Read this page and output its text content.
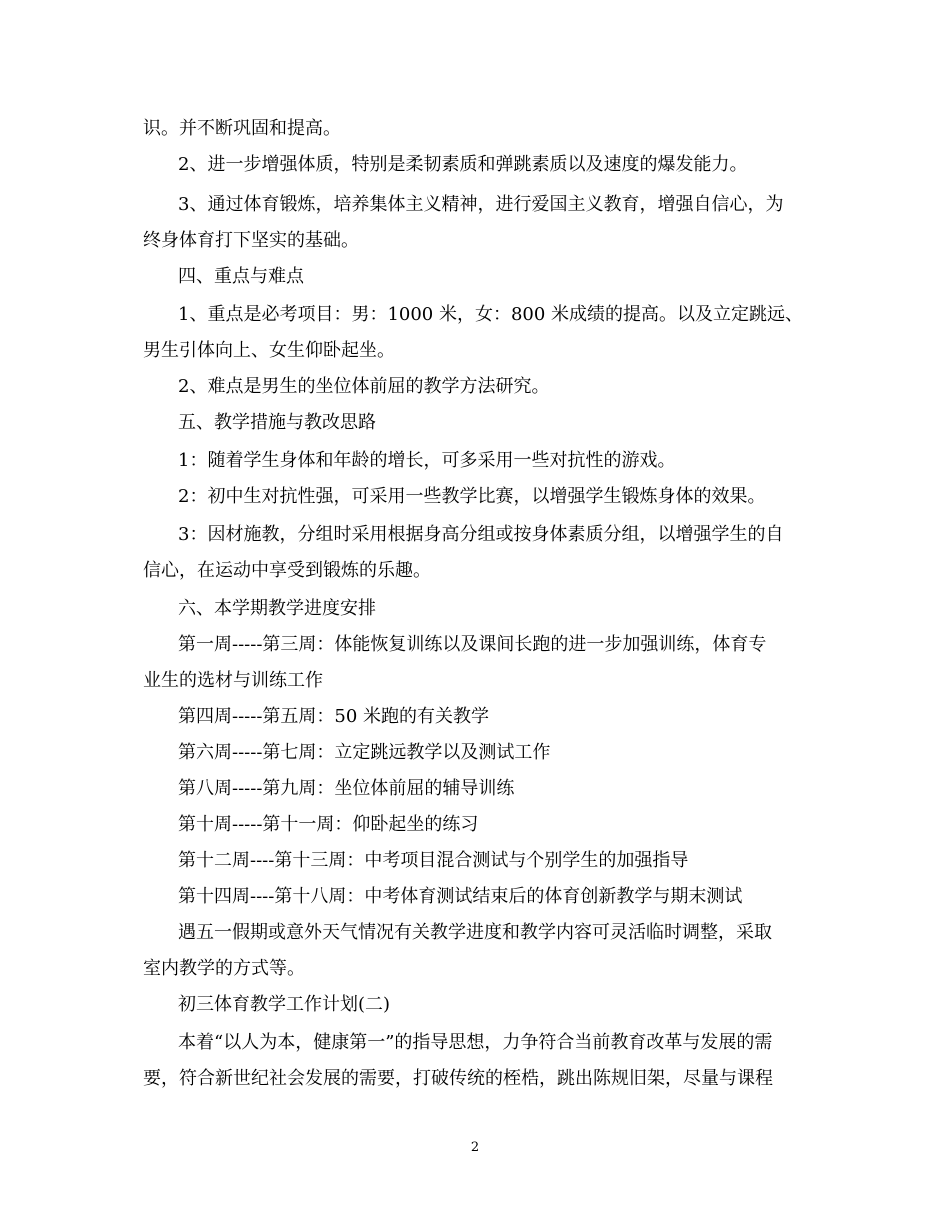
识。并不断巩固和提高。
2、进一步增强体质，特别是柔韧素质和弹跳素质以及速度的爆发能力。
3、通过体育锻炼，培养集体主义精神，进行爱国主义教育，增强自信心，为
终身体育打下坚实的基础。
四、重点与难点
1、重点是必考项目：男：1000 米，女：800 米成绩的提高。以及立定跳远、
男生引体向上、女生仰卧起坐。
2、难点是男生的坐位体前屈的教学方法研究。
五、教学措施与教改思路
1：随着学生身体和年龄的增长，可多采用一些对抗性的游戏。
2：初中生对抗性强，可采用一些教学比赛，以增强学生锻炼身体的效果。
3：因材施教，分组时采用根据身高分组或按身体素质分组，以增强学生的自
信心，在运动中享受到锻炼的乐趣。
六、本学期教学进度安排
第一周-----第三周：体能恢复训练以及课间长跑的进一步加强训练，体育专
业生的选材与训练工作
第四周-----第五周：50 米跑的有关教学
第六周-----第七周：立定跳远教学以及测试工作
第八周-----第九周：坐位体前屈的辅导训练
第十周-----第十一周：仰卧起坐的练习
第十二周----第十三周：中考项目混合测试与个别学生的加强指导
第十四周----第十八周：中考体育测试结束后的体育创新教学与期末测试
遇五一假期或意外天气情况有关教学进度和教学内容可灵活临时调整，采取
室内教学的方式等。
初三体育教学工作计划(二)
本着“以人为本，健康第一”的指导思想，力争符合当前教育改革与发展的需
要，符合新世纪社会发展的需要，打破传统的桎梏，跳出陈规旧架，尽量与课程
2
